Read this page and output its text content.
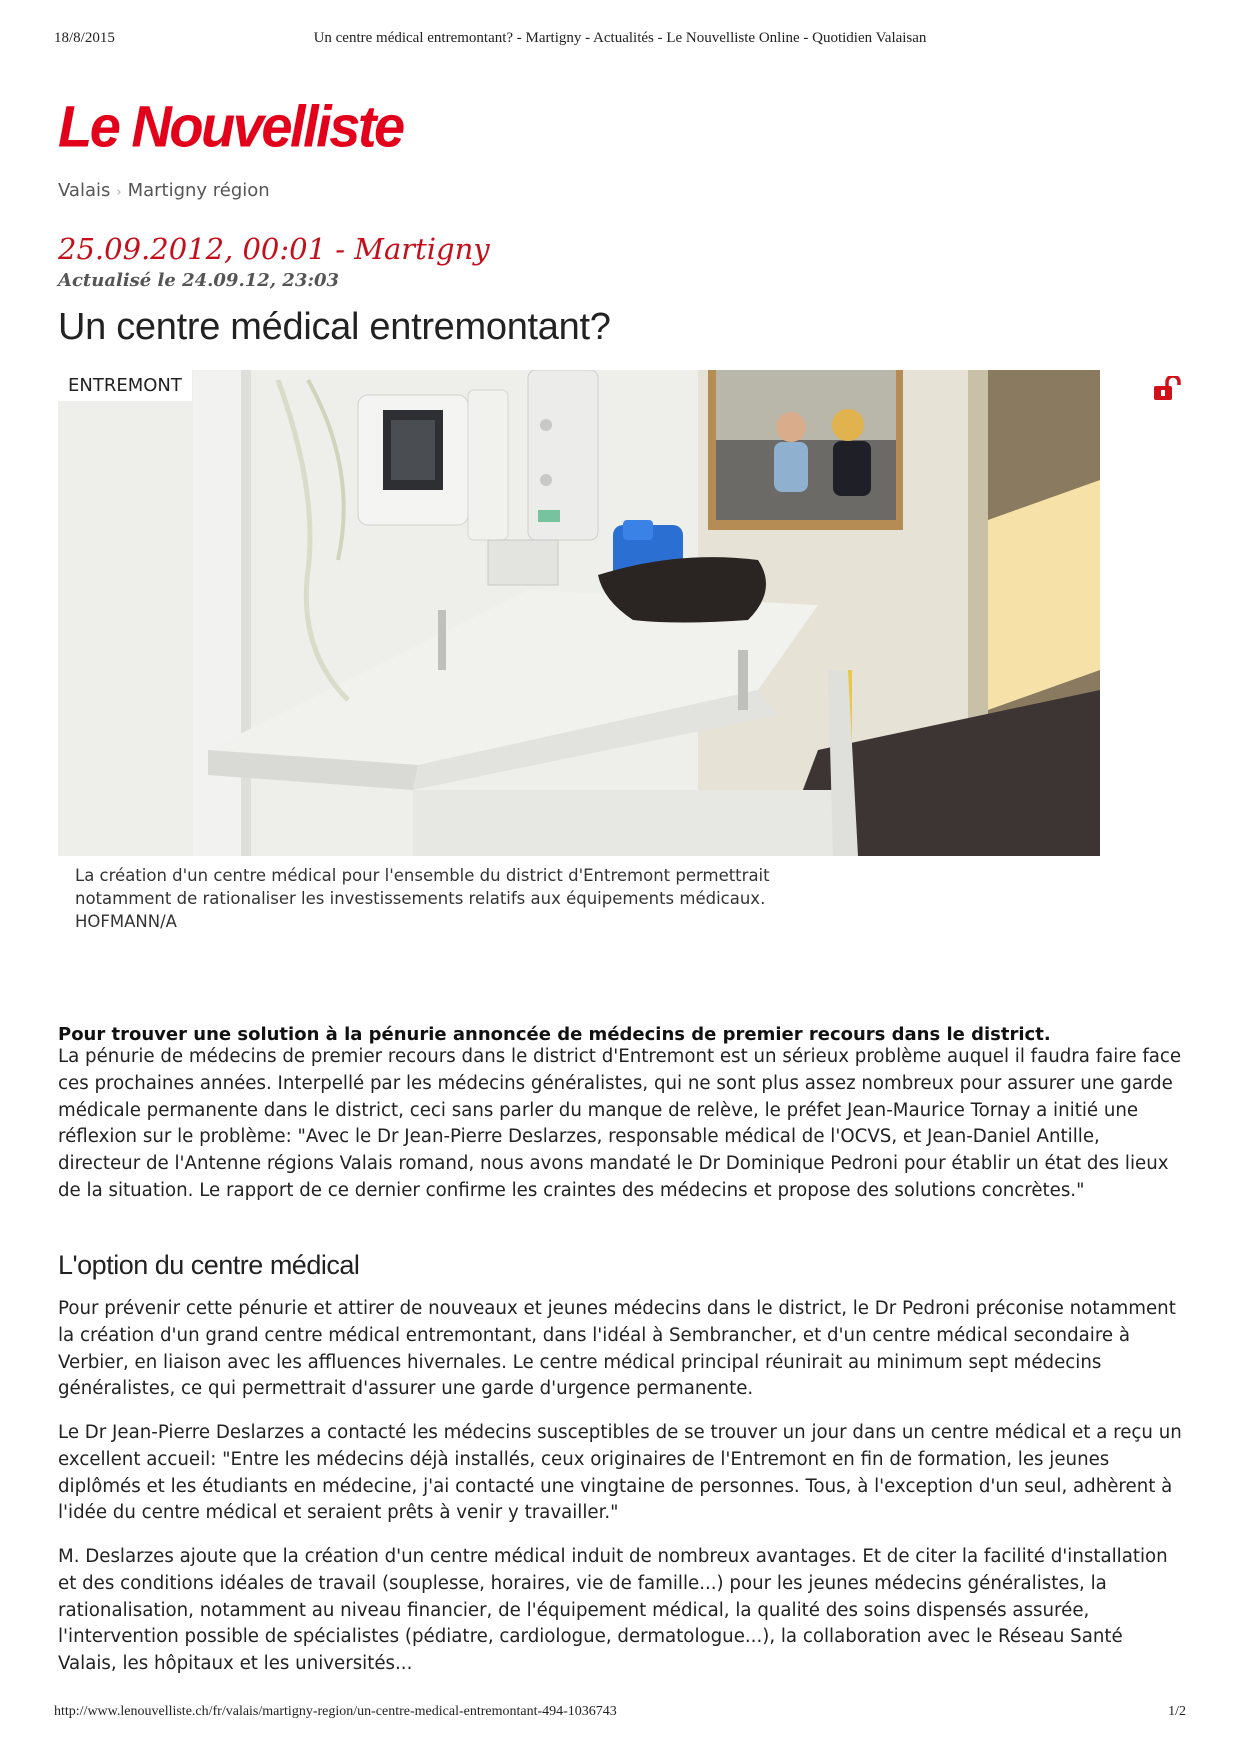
18/8/2015	Un centre médical entremontant? - Martigny - Actualités - Le Nouvelliste Online - Quotidien Valaisan
Le Nouvelliste
Valais › Martigny région
25.09.2012, 00:01 - Martigny
Actualisé le 24.09.12, 23:03
Un centre médical entremontant?
ENTREMONT
La création d'un centre médical pour l'ensemble du district d'Entremont permettrait notamment de rationaliser les investissements relatifs aux équipements médicaux. HOFMANN/A

Pour trouver une solution à la pénurie annoncée de médecins de premier recours dans le district.

La pénurie de médecins de premier recours dans le district d'Entremont est un sérieux problème auquel il faudra faire face ces prochaines années. Interpellé par les médecins généralistes, qui ne sont plus assez nombreux pour assurer une garde médicale permanente dans le district, ceci sans parler du manque de relève, le préfet Jean-Maurice Tornay a initié une réflexion sur le problème: "Avec le Dr Jean-Pierre Deslarzes, responsable médical de l'OCVS, et Jean-Daniel Antille, directeur de l'Antenne régions Valais romand, nous avons mandaté le Dr Dominique Pedroni pour établir un état des lieux de la situation. Le rapport de ce dernier confirme les craintes des médecins et propose des solutions concrètes."

L'option du centre médical

Pour prévenir cette pénurie et attirer de nouveaux et jeunes médecins dans le district, le Dr Pedroni préconise notamment la création d'un grand centre médical entremontant, dans l'idéal à Sembrancher, et d'un centre médical secondaire à Verbier, en liaison avec les affluences hivernales. Le centre médical principal réunirait au minimum sept médecins généralistes, ce qui permettrait d'assurer une garde d'urgence permanente.

Le Dr Jean-Pierre Deslarzes a contacté les médecins susceptibles de se trouver un jour dans un centre médical et a reçu un excellent accueil: "Entre les médecins déjà installés, ceux originaires de l'Entremont en fin de formation, les jeunes diplômés et les étudiants en médecine, j'ai contacté une vingtaine de personnes. Tous, à l'exception d'un seul, adhèrent à l'idée du centre médical et seraient prêts à venir y travailler."

M. Deslarzes ajoute que la création d'un centre médical induit de nombreux avantages. Et de citer la facilité d'installation et des conditions idéales de travail (souplesse, horaires, vie de famille...) pour les jeunes médecins généralistes, la rationalisation, notamment au niveau financier, de l'équipement médical, la qualité des soins dispensés assurée, l'intervention possible de spécialistes (pédiatre, cardiologue, dermatologue...), la collaboration avec le Réseau Santé Valais, les hôpitaux et les universités...

http://www.lenouvelliste.ch/fr/valais/martigny-region/un-centre-medical-entremontant-494-1036743	1/2
